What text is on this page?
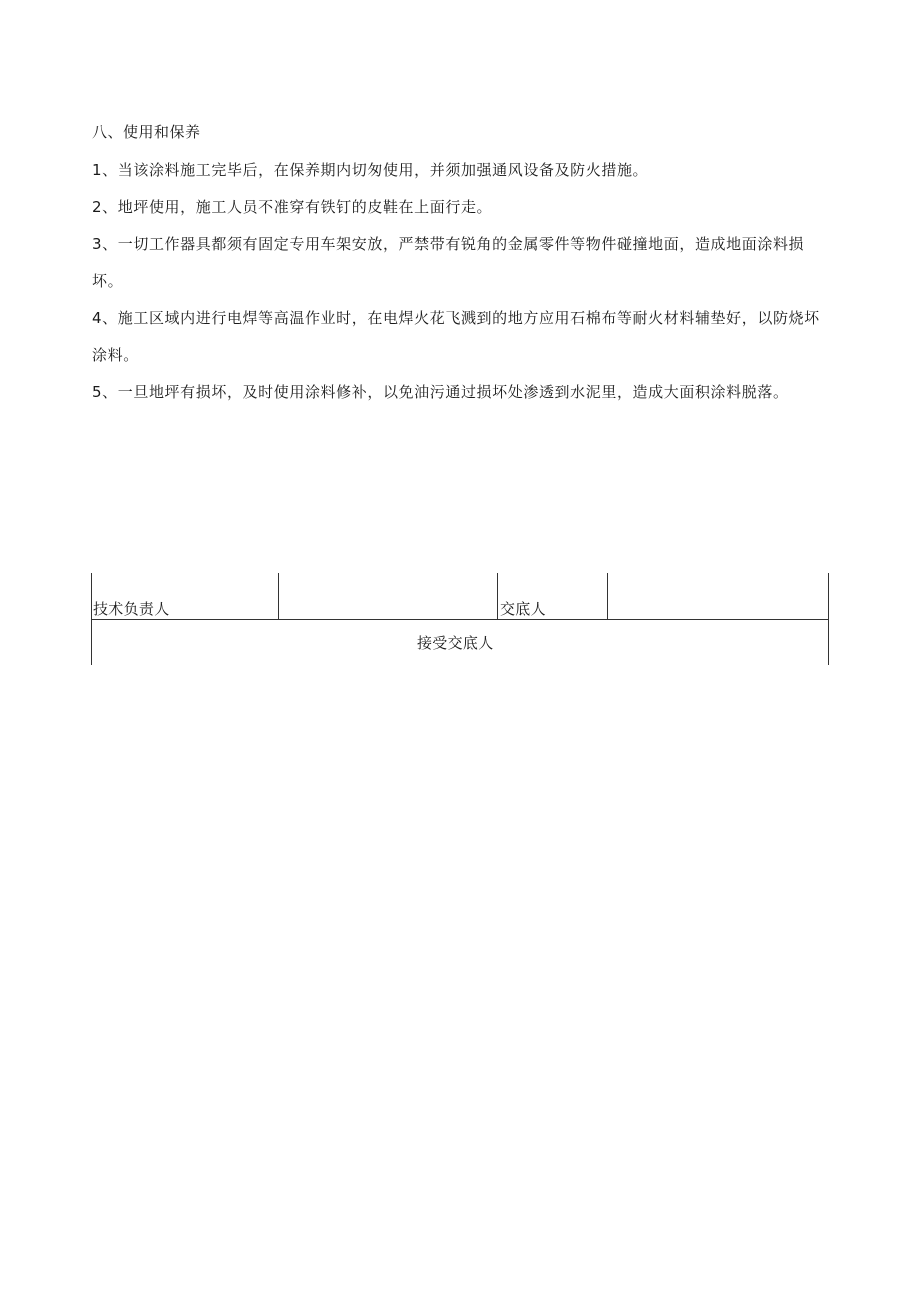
八、使用和保养
1、当该涂料施工完毕后，在保养期内切匆使用，并须加强通风设备及防火措施。
2、地坪使用，施工人员不准穿有铁钉的皮鞋在上面行走。
3、一切工作器具都须有固定专用车架安放，严禁带有锐角的金属零件等物件碰撞地面，造成地面涂料损坏。
4、施工区域内进行电焊等高温作业时，在电焊火花飞溅到的地方应用石棉布等耐火材料辅垫好，以防烧坏涂料。
5、一旦地坪有损坏，及时使用涂料修补，以免油污通过损坏处渗透到水泥里，造成大面积涂料脱落。
技术负责人	交底人
接受交底人
